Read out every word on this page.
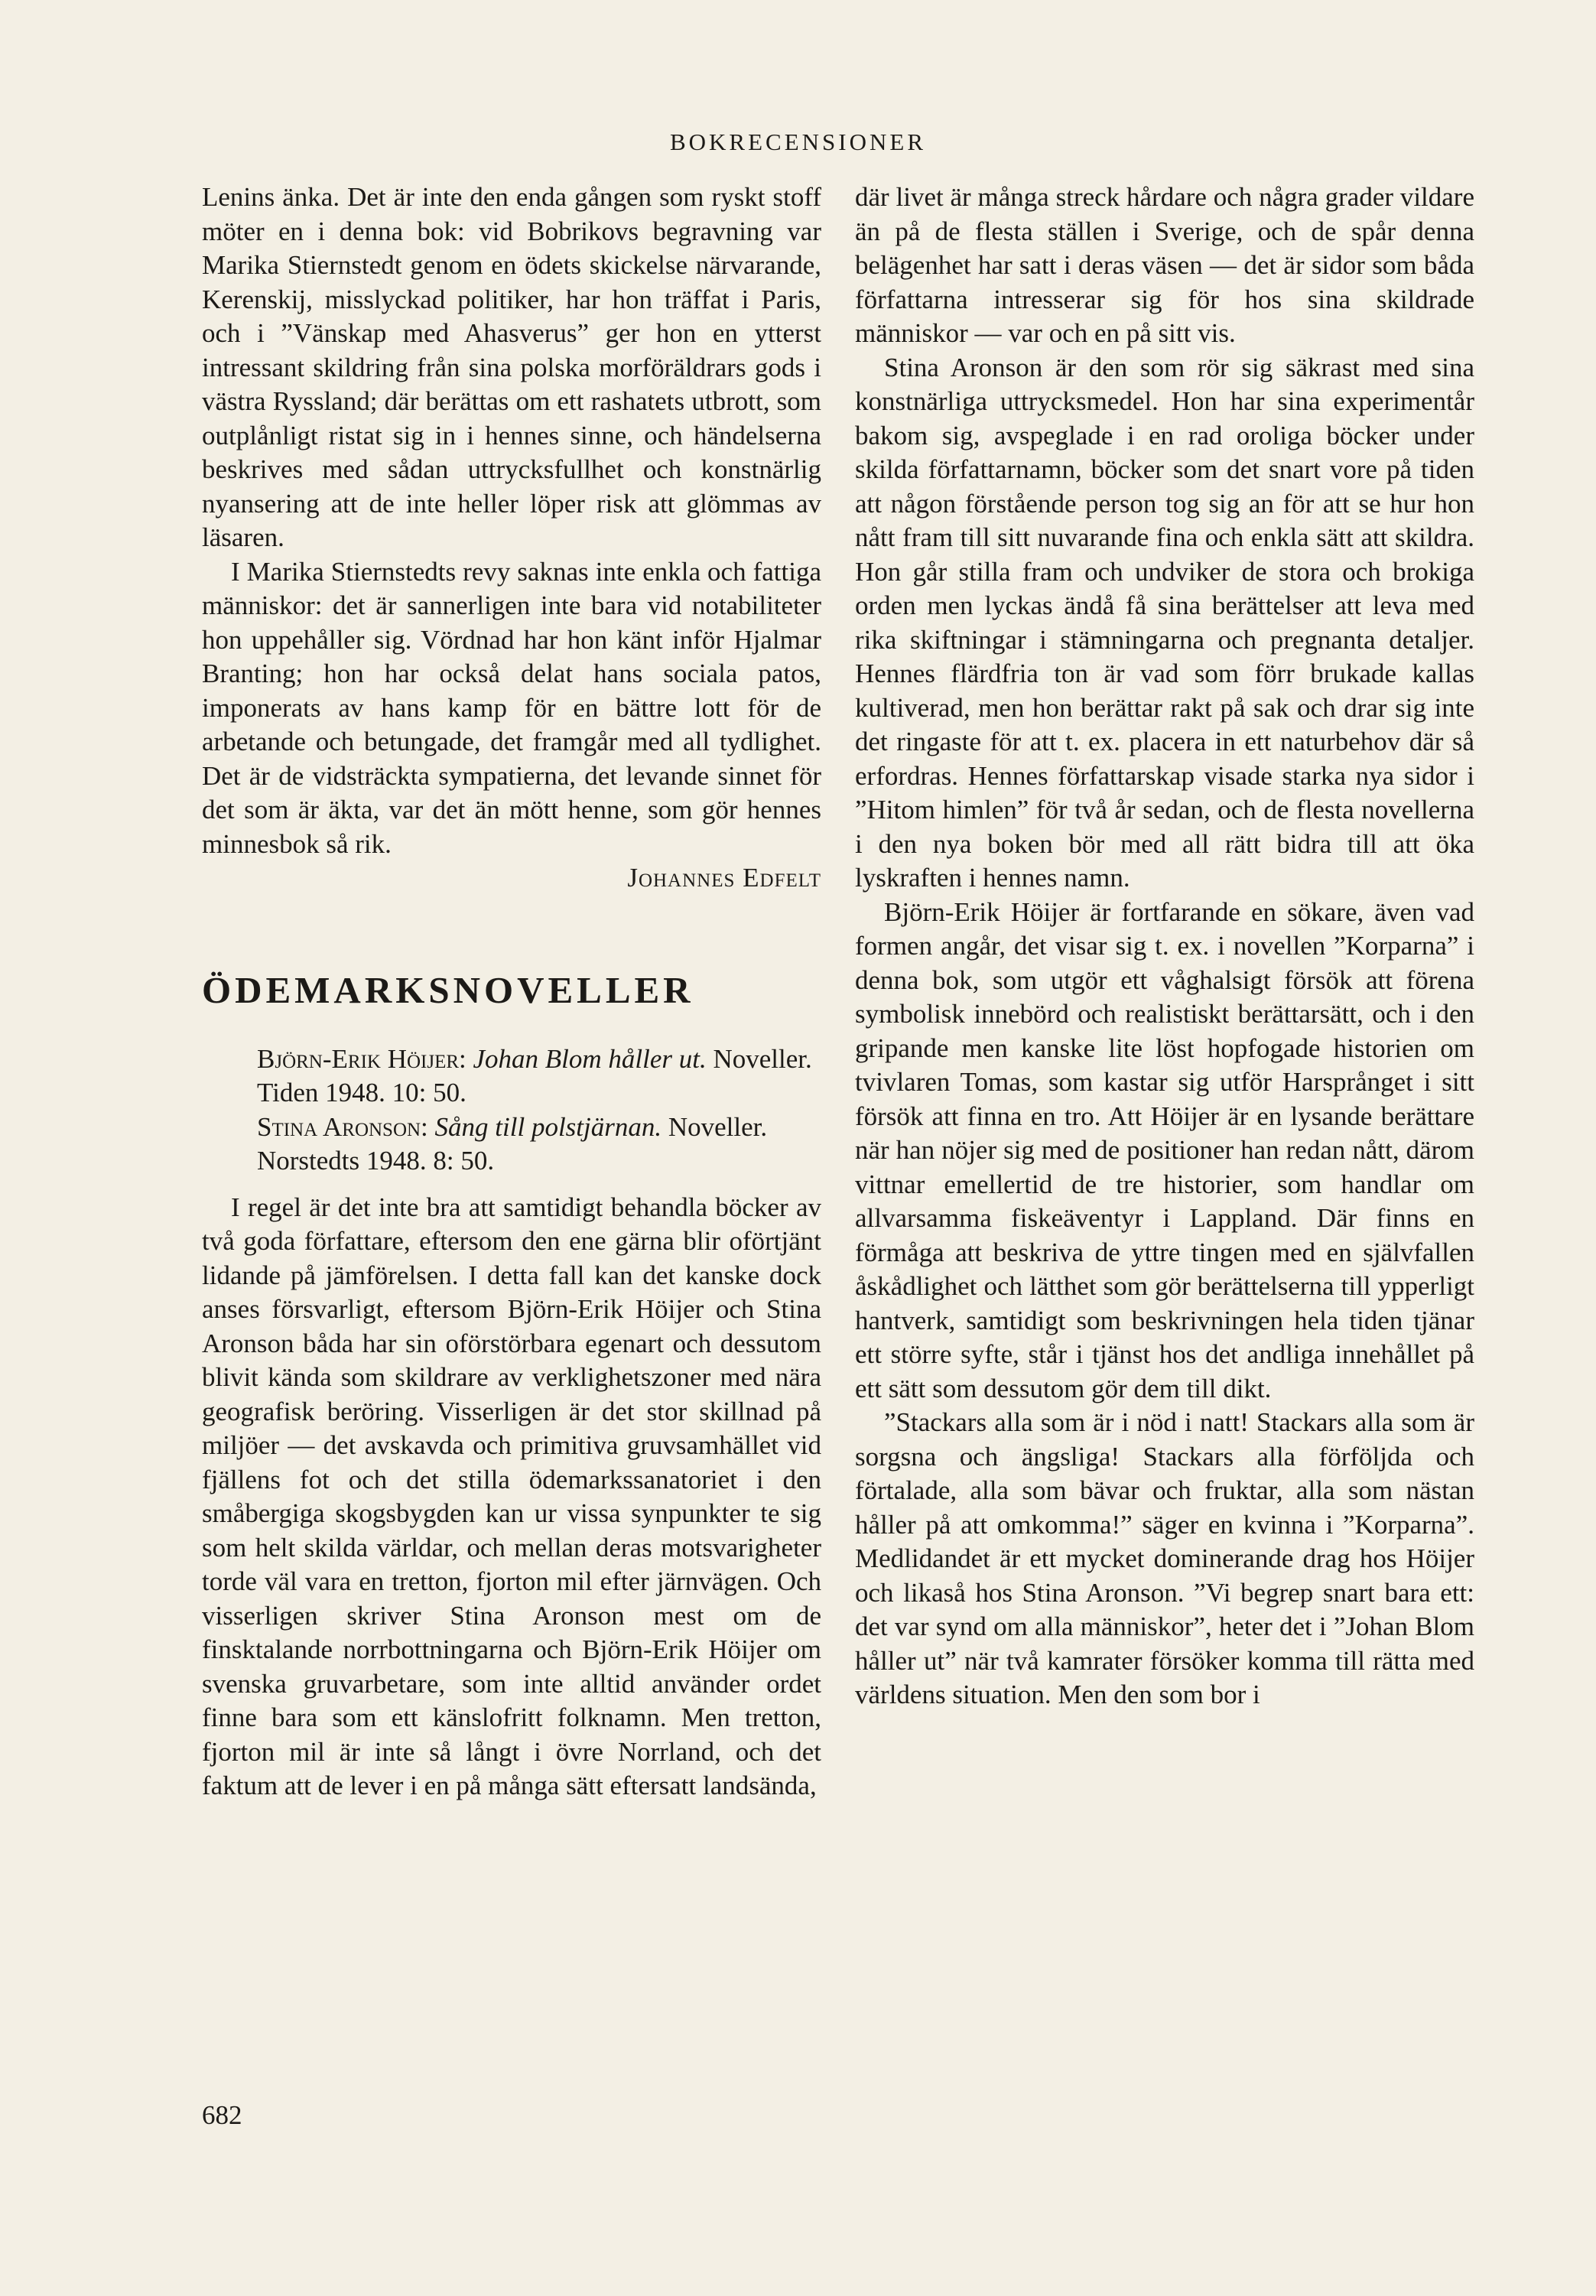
BOKRECENSIONER

Lenins änka. Det är inte den enda gången som ryskt stoff möter en i denna bok: vid Bobrikovs begravning var Marika Stiernstedt genom en ödets skickelse närvarande, Kerenskij, misslyckad politiker, har hon träffat i Paris, och i ”Vänskap med Ahasverus” ger hon en ytterst intressant skildring från sina polska morföräldrars gods i västra Ryssland; där berättas om ett rashatets utbrott, som outplånligt ristat sig in i hennes sinne, och händelserna beskrives med sådan uttrycksfullhet och konstnärlig nyansering att de inte heller löper risk att glömmas av läsaren.

I Marika Stiernstedts revy saknas inte enkla och fattiga människor: det är sannerligen inte bara vid notabiliteter hon uppehåller sig. Vördnad har hon känt inför Hjalmar Branting; hon har också delat hans sociala patos, imponerats av hans kamp för en bättre lott för de arbetande och betungade, det framgår med all tydlighet. Det är de vidsträckta sympatierna, det levande sinnet för det som är äkta, var det än mött henne, som gör hennes minnesbok så rik.

Johannes Edfelt

ÖDEMARKSNOVELLER

Björn-Erik Höijer: Johan Blom håller ut. Noveller. Tiden 1948. 10: 50.

Stina Aronson: Sång till polstjärnan. Noveller. Norstedts 1948. 8: 50.

I regel är det inte bra att samtidigt behandla böcker av två goda författare, eftersom den ene gärna blir oförtjänt lidande på jämförelsen. I detta fall kan det kanske dock anses försvarligt, eftersom Björn-Erik Höijer och Stina Aronson båda har sin oförstörbara egenart och dessutom blivit kända som skildrare av verklighetszoner med nära geografisk beröring. Visserligen är det stor skillnad på miljöer — det avskavda och primitiva gruvsamhället vid fjällens fot och det stilla ödemarkssanatoriet i den småbergiga skogsbygden kan ur vissa synpunkter te sig som helt skilda världar, och mellan deras motsvarigheter torde väl vara en tretton, fjorton mil efter järnvägen. Och visserligen skriver Stina Aronson mest om de finsktalande norrbottningarna och Björn-Erik Höijer om svenska gruvarbetare, som inte alltid använder ordet finne bara som ett känslofritt folknamn. Men tretton, fjorton mil är inte så långt i övre Norrland, och det faktum att de lever i en på många sätt eftersatt landsända,

där livet är många streck hårdare och några grader vildare än på de flesta ställen i Sverige, och de spår denna belägenhet har satt i deras väsen — det är sidor som båda författarna intresserar sig för hos sina skildrade människor — var och en på sitt vis.

Stina Aronson är den som rör sig säkrast med sina konstnärliga uttrycksmedel. Hon har sina experimentår bakom sig, avspeglade i en rad oroliga böcker under skilda författarnamn, böcker som det snart vore på tiden att någon förstående person tog sig an för att se hur hon nått fram till sitt nuvarande fina och enkla sätt att skildra. Hon går stilla fram och undviker de stora och brokiga orden men lyckas ändå få sina berättelser att leva med rika skiftningar i stämningarna och pregnanta detaljer. Hennes flärdfria ton är vad som förr brukade kallas kultiverad, men hon berättar rakt på sak och drar sig inte det ringaste för att t. ex. placera in ett naturbehov där så erfordras. Hennes författarskap visade starka nya sidor i ”Hitom himlen” för två år sedan, och de flesta novellerna i den nya boken bör med all rätt bidra till att öka lyskraften i hennes namn.

Björn-Erik Höijer är fortfarande en sökare, även vad formen angår, det visar sig t. ex. i novellen ”Korparna” i denna bok, som utgör ett våghalsigt försök att förena symbolisk innebörd och realistiskt berättarsätt, och i den gripande men kanske lite löst hopfogade historien om tvivlaren Tomas, som kastar sig utför Harsprånget i sitt försök att finna en tro. Att Höijer är en lysande berättare när han nöjer sig med de positioner han redan nått, därom vittnar emellertid de tre historier, som handlar om allvarsamma fiskeäventyr i Lappland. Där finns en förmåga att beskriva de yttre tingen med en självfallen åskådlighet och lätthet som gör berättelserna till ypperligt hantverk, samtidigt som beskrivningen hela tiden tjänar ett större syfte, står i tjänst hos det andliga innehållet på ett sätt som dessutom gör dem till dikt.

”Stackars alla som är i nöd i natt! Stackars alla som är sorgsna och ängsliga! Stackars alla förföljda och förtalade, alla som bävar och fruktar, alla som nästan håller på att omkomma!” säger en kvinna i ”Korparna”. Medlidandet är ett mycket dominerande drag hos Höijer och likaså hos Stina Aronson. ”Vi begrep snart bara ett: det var synd om alla människor”, heter det i ”Johan Blom håller ut” när två kamrater försöker komma till rätta med världens situation. Men den som bor i

682
